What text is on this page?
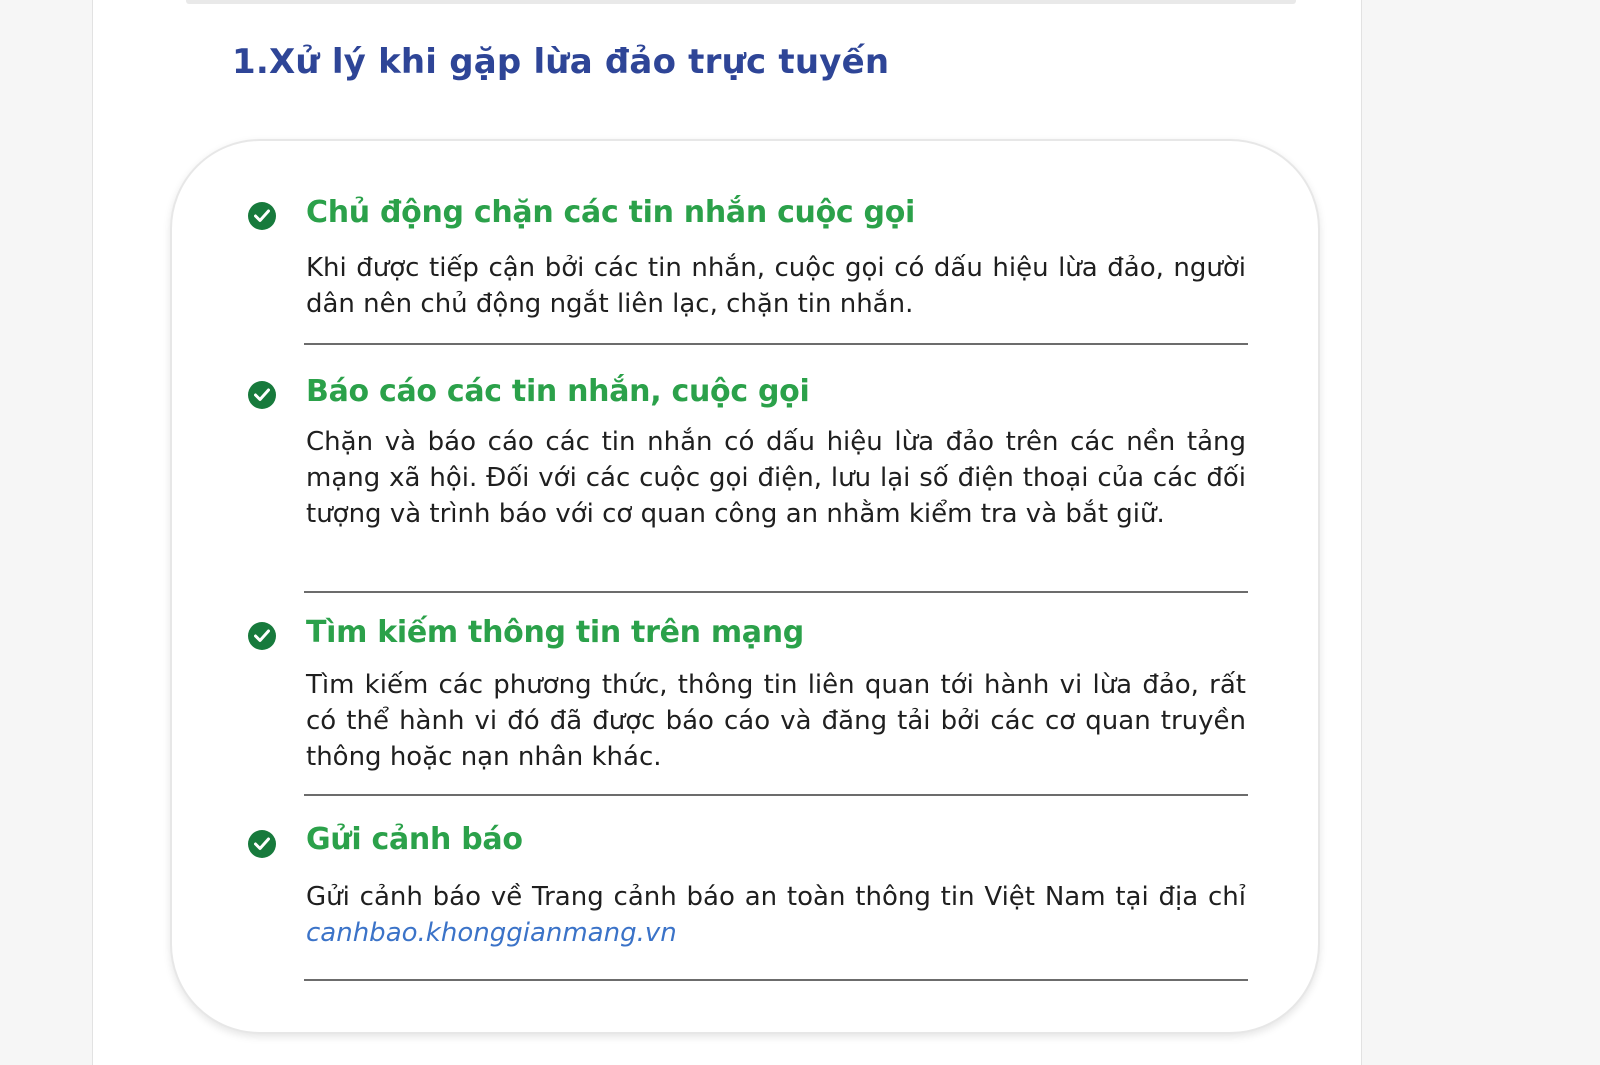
1.Xử lý khi gặp lừa đảo trực tuyến
Chủ động chặn các tin nhắn cuộc gọi

Khi được tiếp cận bởi các tin nhắn, cuộc gọi có dấu hiệu lừa đảo, người dân nên chủ động ngắt liên lạc, chặn tin nhắn.

Báo cáo các tin nhắn, cuộc gọi

Chặn và báo cáo các tin nhắn có dấu hiệu lừa đảo trên các nền tảng mạng xã hội. Đối với các cuộc gọi điện, lưu lại số điện thoại của các đối tượng và trình báo với cơ quan công an nhằm kiểm tra và bắt giữ.

Tìm kiếm thông tin trên mạng

Tìm kiếm các phương thức, thông tin liên quan tới hành vi lừa đảo, rất có thể hành vi đó đã được báo cáo và đăng tải bởi các cơ quan truyền thông hoặc nạn nhân khác.

Gửi cảnh báo

Gửi cảnh báo về Trang cảnh báo an toàn thông tin Việt Nam tại địa chỉ canhbao.khonggianmang.vn
